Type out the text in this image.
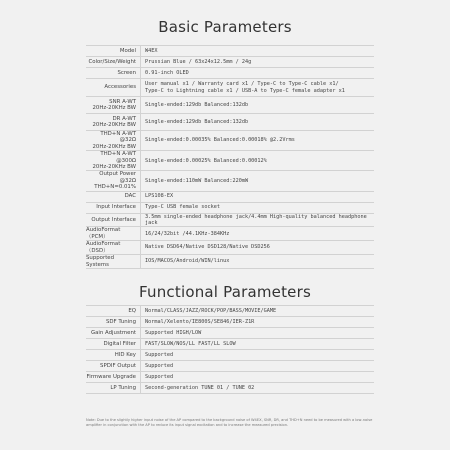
Basic Parameters
Model	W4EX
Color/Size/Weight	Prussian Blue / 63x24x12.5mm / 24g
Screen	0.91-inch OLED
Accessories	User manual x1 / Warranty card x1 / Type-C to Type-C cable x1/
Type-C to Lightning cable x1 / USB-A to Type-C female adapter x1
SNR A-WT
20Hz-20KHz BW	Single-ended:129db Balanced:132db
DR A-WT
20Hz-20KHz BW	Single-ended:129db Balanced:132db
THD+N A-WT @32Ω
20Hz-20KHz BW	Single-ended:0.00035% Balanced:0.00018% @2.2Vrms
THD+N A-WT @300Ω
20Hz-20KHz BW	Single-ended:0.00025% Balanced:0.00012%
Output Power @32Ω
THD+N=0.01%	Single-ended:110mW Balanced:220mW
DAC	LPS108-EX
Input Interface	Type-C USB female socket
Output Interface	3.5mm single-ended headphone jack/4.4mm High-quality balanced headphone jack
AudioFormat（PCM）	16/24/32bit /44.1KHz-384KHz
AudioFormat（DSD）	Native DSD64/Native DSD128/Native DSD256
Supported Systems	IOS/MACOS/Android/WIN/linux
Functional Parameters
EQ	Normal/CLASS/JAZZ/ROCK/POP/BASS/MOVIE/GAME
SDF Tuning	Normal/Xelento/IE800S/SE846/IER-Z1R
Gain Adjustment	Supported HIGH/LOW
Digital Filter	FAST/SLOW/NOS/LL FAST/LL SLOW
HID Key	Supported
SPDIF Output	Supported
Firmware Upgrade	Supported
LP Tuning	Second-generation TUNE 01 / TUNE 02
Note: Due to the slightly higher input noise of the AP compared to the background noise of W4EX, SNR, DR, and THD+N need to be measured with a low-noise amplifier in conjunction with the AP to reduce its input signal excitation and to increase the measured precision.
